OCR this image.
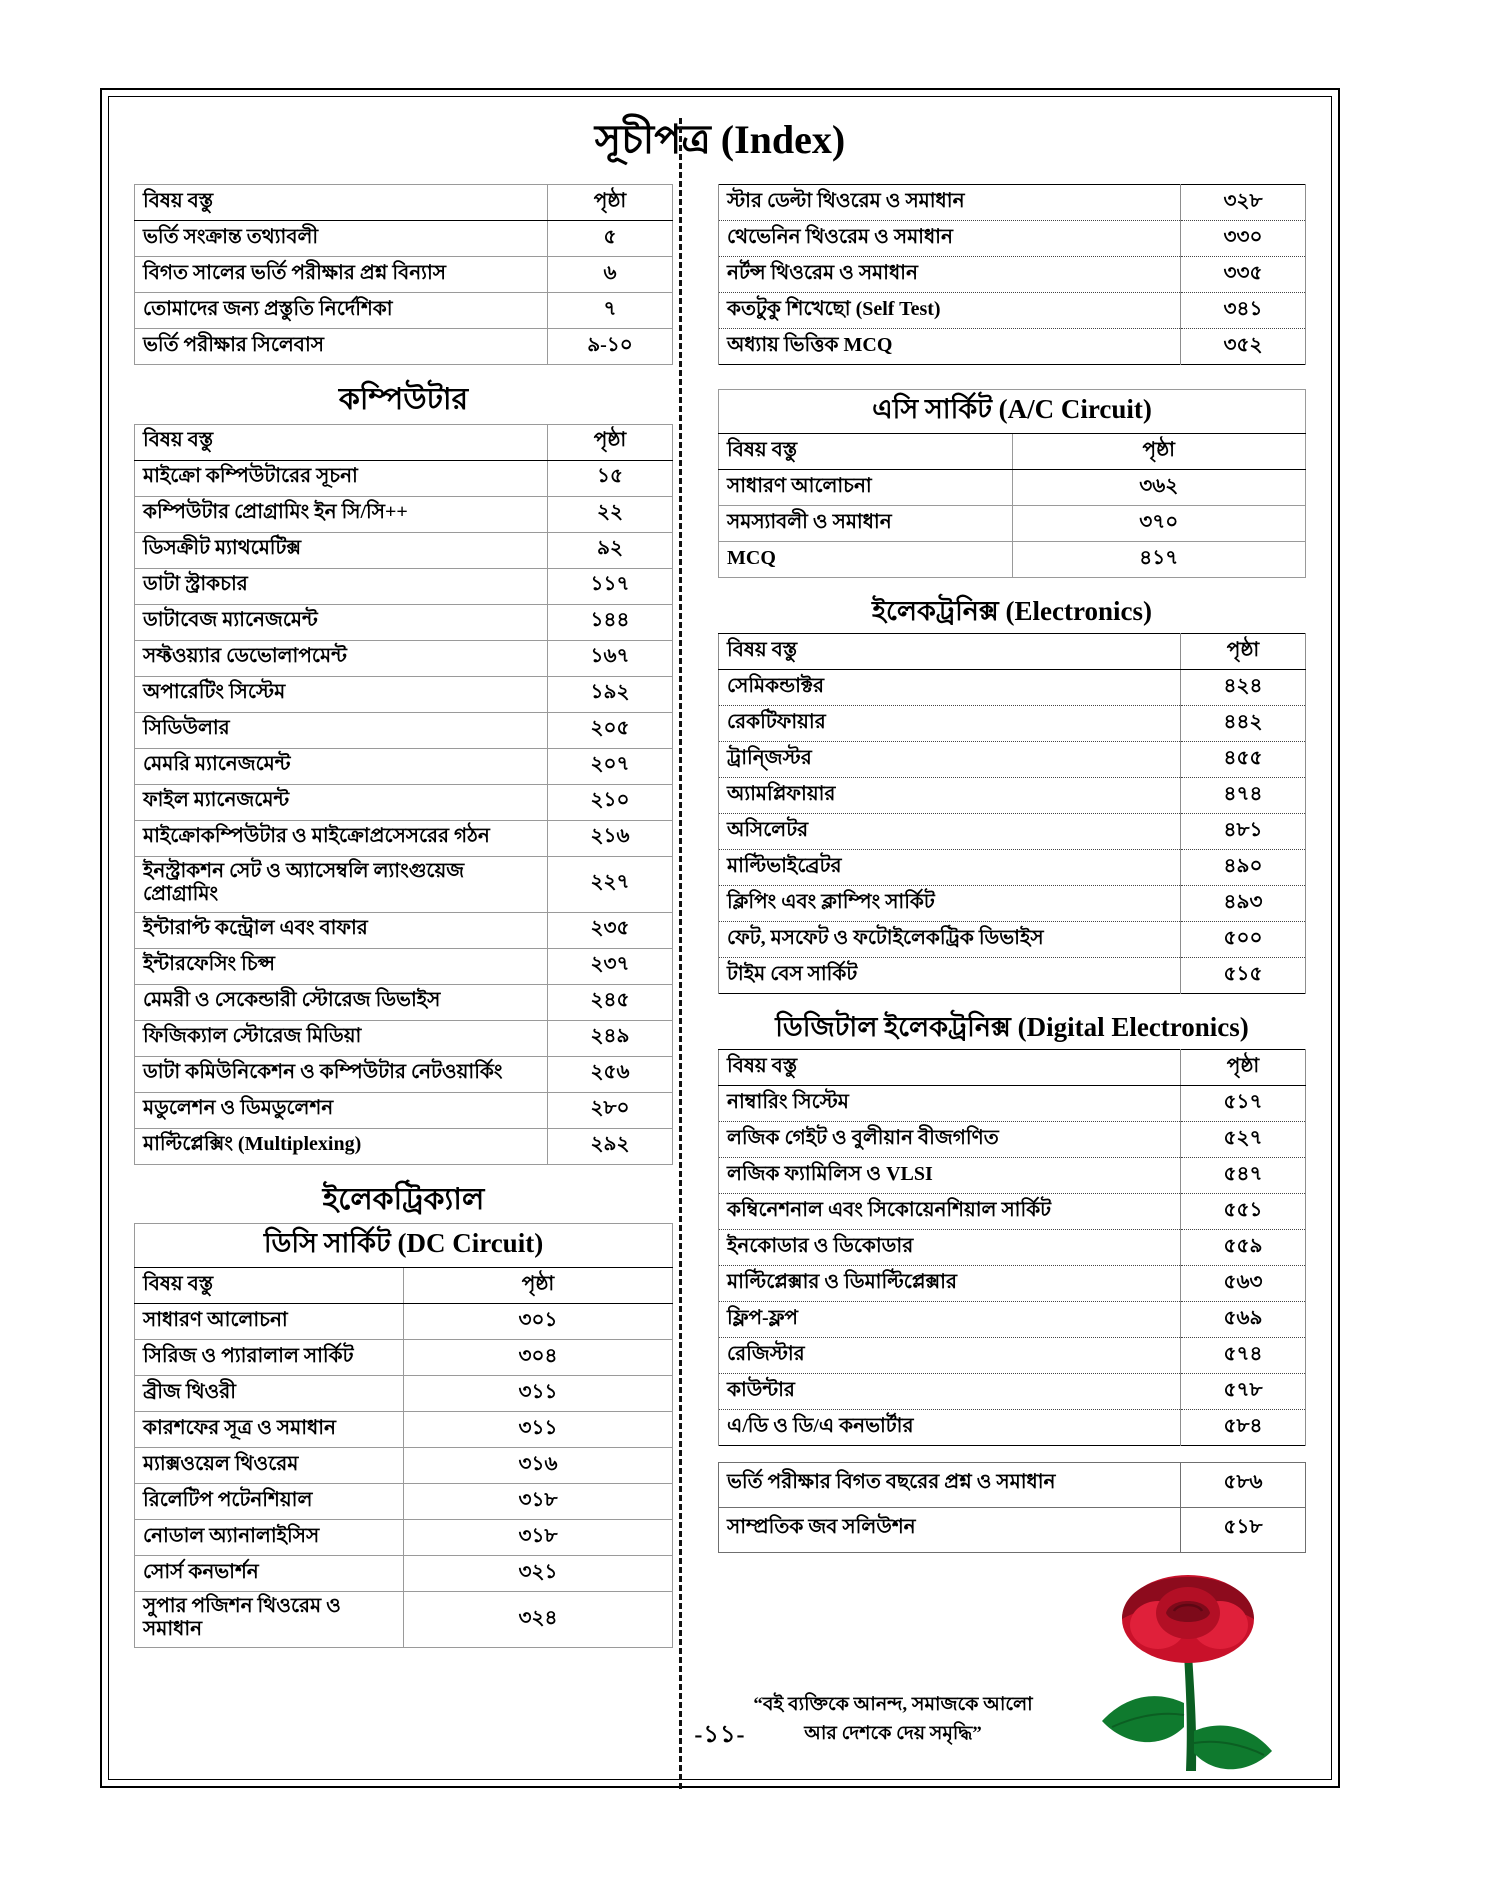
সূচীপত্র (Index)
বিষয় বস্তু	পৃষ্ঠা
ভর্তি সংক্রান্ত তথ্যাবলী	৫
বিগত সালের ভর্তি পরীক্ষার প্রশ্ন বিন্যাস	৬
তোমাদের জন্য প্রস্তুতি নির্দেশিকা	৭
ভর্তি পরীক্ষার সিলেবাস	৯-১০
কম্পিউটার
বিষয় বস্তু	পৃষ্ঠা
মাইক্রো কম্পিউটারের সূচনা	১৫
কম্পিউটার প্রোগ্রামিং ইন সি/সি++	২২
ডিসক্রীট ম্যাথমেটিক্স	৯২
ডাটা স্ট্রাকচার	১১৭
ডাটাবেজ ম্যানেজমেন্ট	১৪৪
সফ্টওয়্যার ডেভোলাপমেন্ট	১৬৭
অপারেটিং সিস্টেম	১৯২
সিডিউলার	২০৫
মেমরি ম্যানেজমেন্ট	২০৭
ফাইল ম্যানেজমেন্ট	২১০
মাইক্রোকম্পিউটার ও মাইক্রোপ্রসেসরের গঠন	২১৬
ইনস্ট্রাকশন সেট ও অ্যাসেম্বলি ল্যাংগুয়েজ প্রোগ্রামিং	২২৭
ইন্টারাপ্ট কন্ট্রোল এবং বাফার	২৩৫
ইন্টারফেসিং চিপ্স	২৩৭
মেমরী ও সেকেন্ডারী স্টোরেজ ডিভাইস	২৪৫
ফিজিক্যাল স্টোরেজ মিডিয়া	২৪৯
ডাটা কমিউনিকেশন ও কম্পিউটার নেটওয়ার্কিং	২৫৬
মডুলেশন ও ডিমডুলেশন	২৮০
মাল্টিপ্লেক্সিং (Multiplexing)	২৯২
ইলেকট্রিক্যাল
ডিসি সার্কিট (DC Circuit)	
বিষয় বস্তু	পৃষ্ঠা
সাধারণ আলোচনা	৩০১
সিরিজ ও প্যারালাল সার্কিট	৩০৪
ব্রীজ থিওরী	৩১১
কারশফের সূত্র ও সমাধান	৩১১
ম্যাক্সওয়েল থিওরেম	৩১৬
রিলেটিপ পটেনশিয়াল	৩১৮
নোডাল অ্যানালাইসিস	৩১৮
সোর্স কনভার্শন	৩২১
সুপার পজিশন থিওরেম ও সমাধান	৩২৪
স্টার ডেল্টা থিওরেম ও সমাধান	৩২৮
থেভেনিন থিওরেম ও সমাধান	৩৩০
নর্টন্স থিওরেম ও সমাধান	৩৩৫
কতটুকু শিখেছো (Self Test)	৩৪১
অধ্যায় ভিত্তিক MCQ	৩৫২
এসি সার্কিট (A/C Circuit)	
বিষয় বস্তু	পৃষ্ঠা
সাধারণ আলোচনা	৩৬২
সমস্যাবলী ও সমাধান	৩৭০
MCQ	৪১৭
ইলেকট্রনিক্স (Electronics)
বিষয় বস্তু	পৃষ্ঠা
সেমিকন্ডাক্টর	৪২৪
রেকটিফায়ার	৪৪২
ট্রান্জিস্টর	৪৫৫
অ্যামপ্লিফায়ার	৪৭৪
অসিলেটর	৪৮১
মাল্টিভাইব্রেটর	৪৯০
ক্লিপিং এবং ক্লাম্পিং সার্কিট	৪৯৩
ফেট, মসফেট ও ফটোইলেকট্রিক ডিভাইস	৫০০
টাইম বেস সার্কিট	৫১৫
ডিজিটাল ইলেকট্রনিক্স (Digital Electronics)
বিষয় বস্তু	পৃষ্ঠা
নাম্বারিং সিস্টেম	৫১৭
লজিক গেইট ও বুলীয়ান বীজগণিত	৫২৭
লজিক ফ্যামিলিস ও VLSI	৫৪৭
কম্বিনেশনাল এবং সিকোয়েনশিয়াল সার্কিট	৫৫১
ইনকোডার ও ডিকোডার	৫৫৯
মাল্টিপ্লেক্সার ও ডিমাল্টিপ্লেক্সার	৫৬৩
ফ্লিপ-ফ্লপ	৫৬৯
রেজিস্টার	৫৭৪
কাউন্টার	৫৭৮
এ/ডি ও ডি/এ কনভার্টার	৫৮৪
ভর্তি পরীক্ষার বিগত বছরের প্রশ্ন ও সমাধান	৫৮৬
সাম্প্রতিক জব সলিউশন	৫১৮
“বই ব্যক্তিকে আনন্দ, সমাজকে আলো
আর দেশকে দেয় সমৃদ্ধি”
-১১-
